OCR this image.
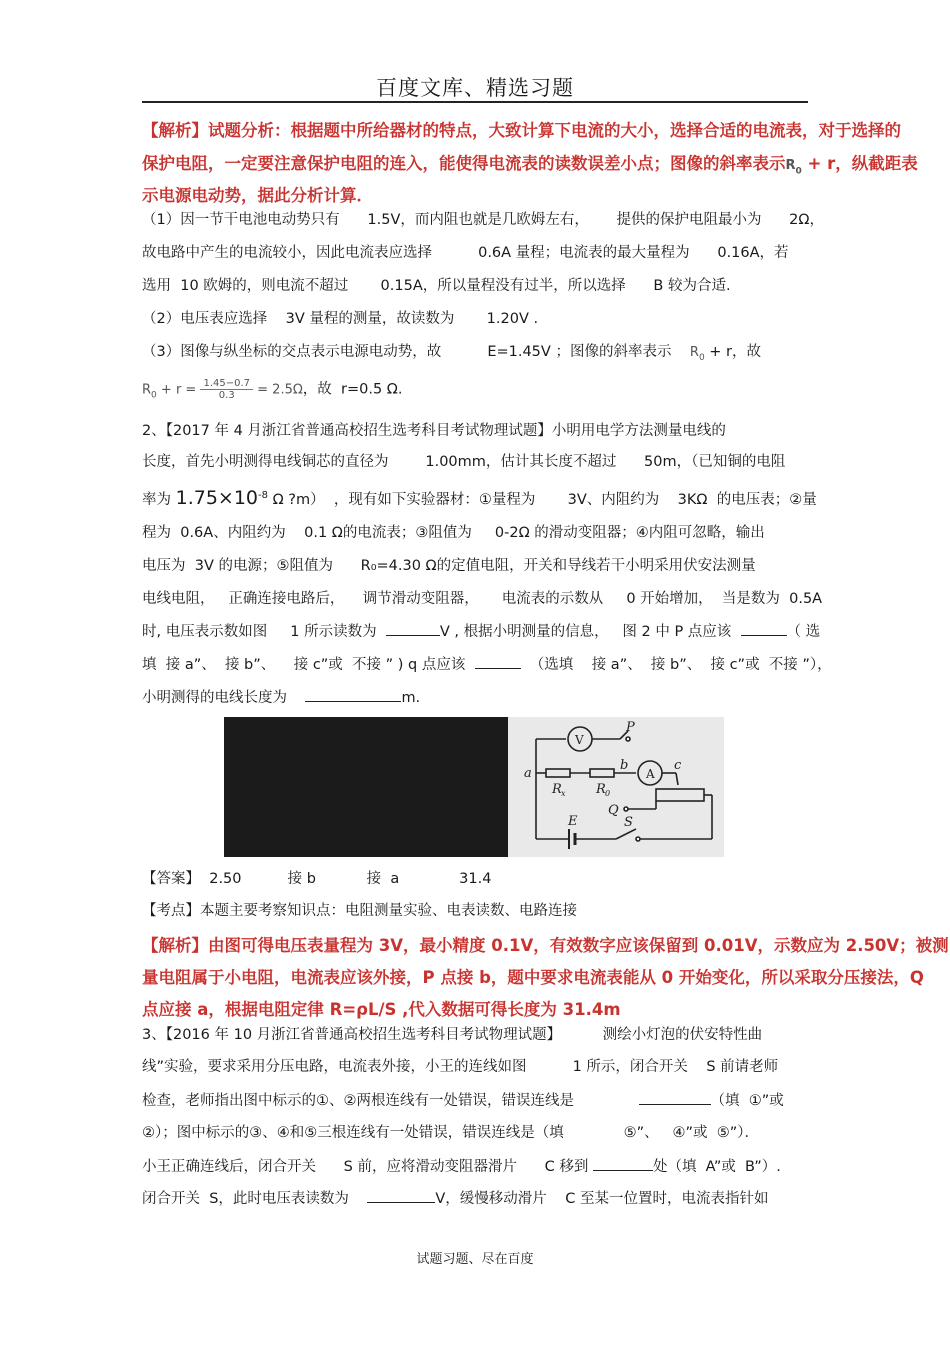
百度文库、精选习题
【解析】试题分析：根据题中所给器材的特点，大致计算下电流的大小，选择合适的电流表，对于选择的
保护电阻，一定要注意保护电阻的连入，能使得电流表的读数误差小点；图像的斜率表示$R_0 + r$，纵截距表
示电源电动势，据此分析计算．
（1）因一节干电池电动势只有      1.5V，而内阻也就是几欧姆左右，      提供的保护电阻最小为      2Ω，
故电路中产生的电流较小，因此电流表应选择          0.6A 量程；电流表的最大量程为      0.16A，若
选用  10 欧姆的，则电流不超过       0.15A，所以量程没有过半，所以选择      B 较为合适.
（2）电压表应选择    3V 量程的测量，故读数为       1.20V .
（3）图像与纵坐标的交点表示电源电动势，故          E=1.45V ；图像的斜率表示    $R_0 + r$，故
$R_0 + r = \frac{1.45-0.7}{0.3} = 2.5\Omega$，故  r=0.5 Ω.
2、【2017 年 4 月浙江省普通高校招生选考科目考试物理试题】小明用电学方法测量电线的
长度，首先小明测得电线铜芯的直径为        1.00mm，估计其长度不超过      50m，（已知铜的电阻
率为 $1.75\times 10^{-8}$ Ω ?m）  ，现有如下实验器材：①量程为       3V、内阻约为    3KΩ  的电压表；②量
程为  0.6A、内阻约为    0.1 Ω的电流表；③阻值为     0-2Ω 的滑动变阻器；④内阻可忽略，输出
电压为  3V 的电源；⑤阻值为      R₀=4.30 Ω的定值电阻，开关和导线若干小明采用伏安法测量
电线电阻，   正确连接电路后，    调节滑动变阻器，     电流表的示数从     0 开始增加，  当是数为  0.5A
时, 电压表示数如图     1 所示读数为	V , 根据小明测量的信息，   图 2 中 P 点应该	（ 选
填  接 a”、  接 b”、    接 c”或  不接 ” ) q 点应该	（选填    接 a”、  接 b”、  接 c”或  不接 ”），
小明测得的电线长度为	m.
V
P
a
b
A
c
R x R 0
Q
E	S
【答案】  2.50          接 b           接  a             31.4
【考点】本题主要考察知识点：电阻测量实验、电表读数、电路连接
【解析】由图可得电压表量程为 3V，最小精度 0.1V，有效数字应该保留到 0.01V，示数应为 2.50V；被测
量电阻属于小电阻，电流表应该外接，P 点接 b，题中要求电流表能从 0 开始变化，所以采取分压接法，Q
点应接 a，根据电阻定律 R=ρL/S ,代入数据可得长度为 31.4m
3、【2016 年 10 月浙江省普通高校招生选考科目考试物理试题】         测绘小灯泡的伏安特性曲
线”实验，要求采用分压电路，电流表外接，小王的连线如图          1 所示，闭合开关    S 前请老师
检查，老师指出图中标示的①、②两根连线有一处错误，错误连线是	（填  ①”或
②）；图中标示的③、④和⑤三根连线有一处错误，错误连线是（填             ⑤”、   ④”或  ⑤”）．
小王正确连线后，闭合开关      S 前，应将滑动变阻器滑片      C 移到	处（填  A”或  B”）.
闭合开关  S，此时电压表读数为	V，缓慢移动滑片    C 至某一位置时，电流表指针如
试题习题、尽在百度
